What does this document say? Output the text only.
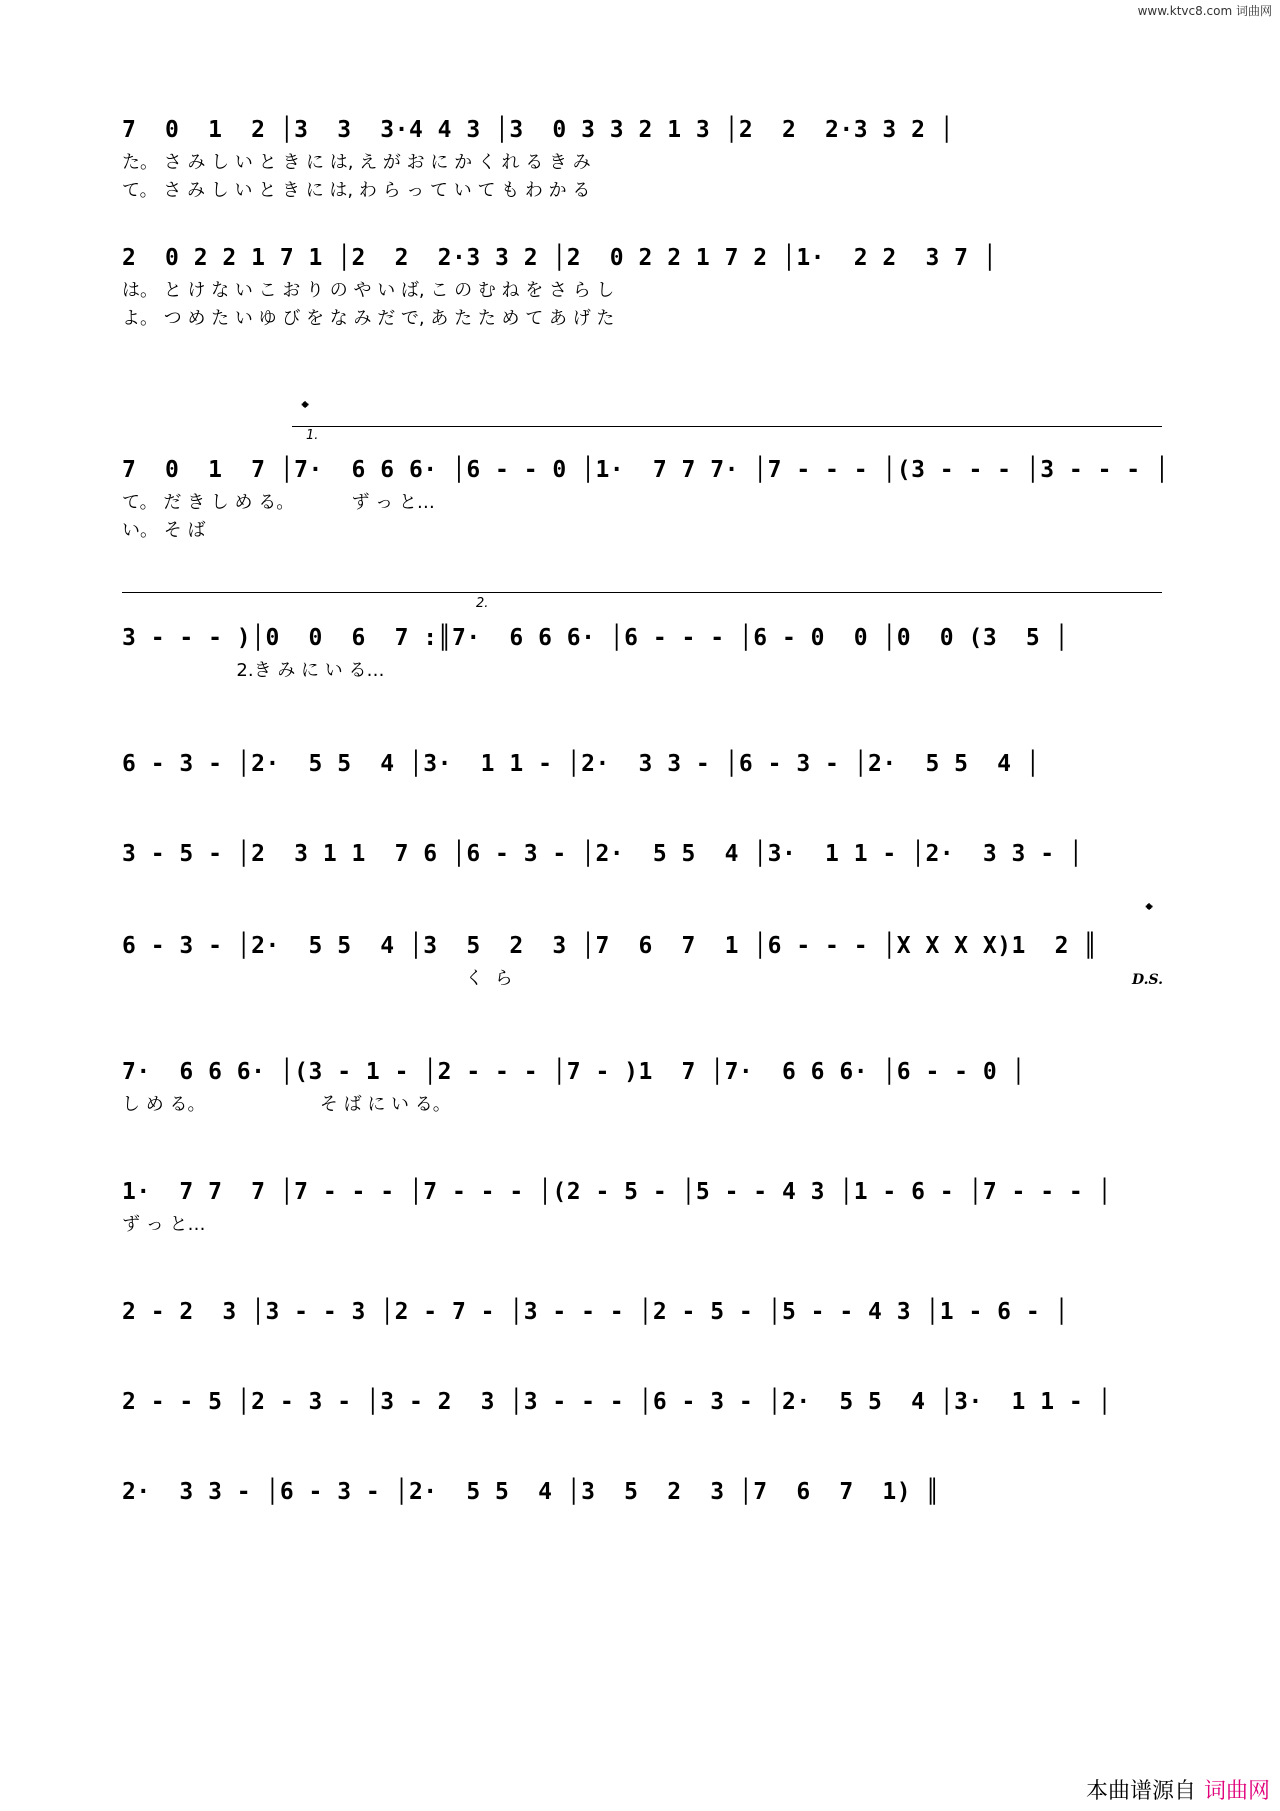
www.ktvc8.com 词曲网
7  0  1  2 │3  3  3·4 4 3 │3  0 3 3 2 1 3 │2  2  2·3 3 2 │
た。 さ み し い と き に は, え が お に か く れ る き み
て。 さ み し い と き に は, わ ら っ て い て も わ か る
2  0 2 2 1 7 1 │2  2  2·3 3 2 │2  0 2 2 1 7 2 │1·  2 2  3 7 │
は。 と け な い こ お り の や い ば, こ の む ね を さ ら し
よ。 つ め た い ゆ び を な み だ で, あ た た め て あ げ た
𝄌
1.
7  0  1  7 │7·  6 6 6· │6 - - 0 │1·  7 7 7· │7 - - - │(3 - - - │3 - - - │
て。 だ き し め る。          ず っ と…
い。 そ ば
2.
3 - - - )│0  0  6  7 :║7·  6 6 6· │6 - - - │6 - 0  0 │0  0 (3  5 │
2.き み に い る…
6 - 3 - │2·  5 5  4 │3·  1 1 - │2·  3 3 - │6 - 3 - │2·  5 5  4 │
3 - 5 - │2  3 1 1  7 6 │6 - 3 - │2·  5 5  4 │3·  1 1 - │2·  3 3 - │
𝄌
6 - 3 - │2·  5 5  4 │3  5  2  3 │7  6  7  1 │6 - - - │X X X X)1  2 ║
く  ら	D.S.
7·  6 6 6· │(3 - 1 - │2 - - - │7 - )1  7 │7·  6 6 6· │6 - - 0 │
し め る。                    そ ば に い る。
1·  7 7  7 │7 - - - │7 - - - │(2 - 5 - │5 - - 4 3 │1 - 6 - │7 - - - │
ず っ と…
2 - 2  3 │3 - - 3 │2 - 7 - │3 - - - │2 - 5 - │5 - - 4 3 │1 - 6 - │
2 - - 5 │2 - 3 - │3 - 2  3 │3 - - - │6 - 3 - │2·  5 5  4 │3·  1 1 - │
2·  3 3 - │6 - 3 - │2·  5 5  4 │3  5  2  3 │7  6  7  1) ║
本曲谱源自 词曲网
